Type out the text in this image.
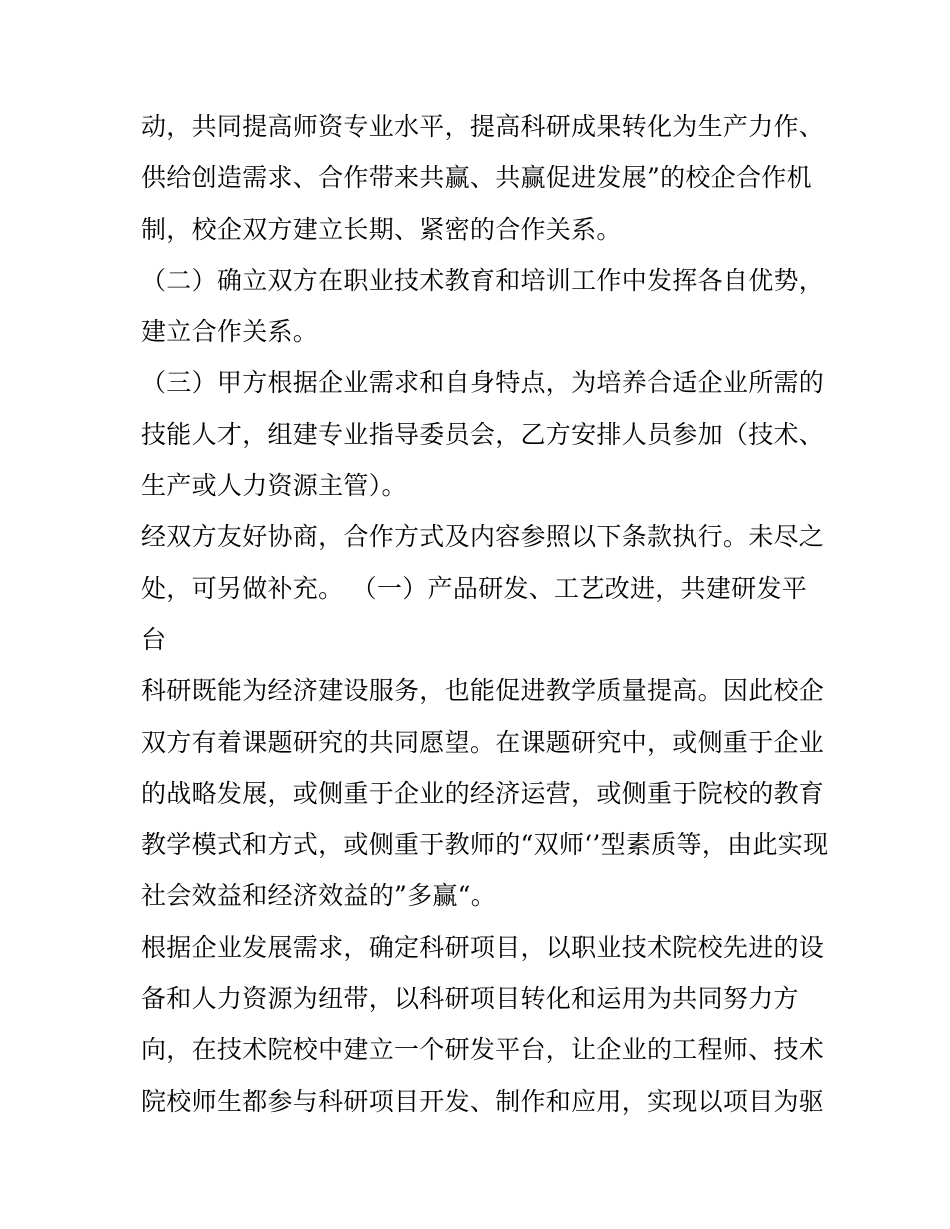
动，共同提高师资专业水平，提高科研成果转化为生产力作、

供给创造需求、合作带来共赢、共赢促进发展”的校企合作机

制，校企双方建立长期、紧密的合作关系。

（二）确立双方在职业技术教育和培训工作中发挥各自优势，

建立合作关系。

（三）甲方根据企业需求和自身特点，为培养合适企业所需的

技能人才，组建专业指导委员会，乙方安排人员参加（技术、

生产或人力资源主管）。

经双方友好协商，合作方式及内容参照以下条款执行。未尽之

处，可另做补充。 （一）产品研发、工艺改进，共建研发平

台

科研既能为经济建设服务，也能促进教学质量提高。因此校企

双方有着课题研究的共同愿望。在课题研究中，或侧重于企业

的战略发展，或侧重于企业的经济运营，或侧重于院校的教育

教学模式和方式，或侧重于教师的“双师‘’型素质等，由此实现

社会效益和经济效益的”多赢“。

根据企业发展需求，确定科研项目，以职业技术院校先进的设

备和人力资源为纽带，以科研项目转化和运用为共同努力方

向，在技术院校中建立一个研发平台，让企业的工程师、技术

院校师生都参与科研项目开发、制作和应用，实现以项目为驱
